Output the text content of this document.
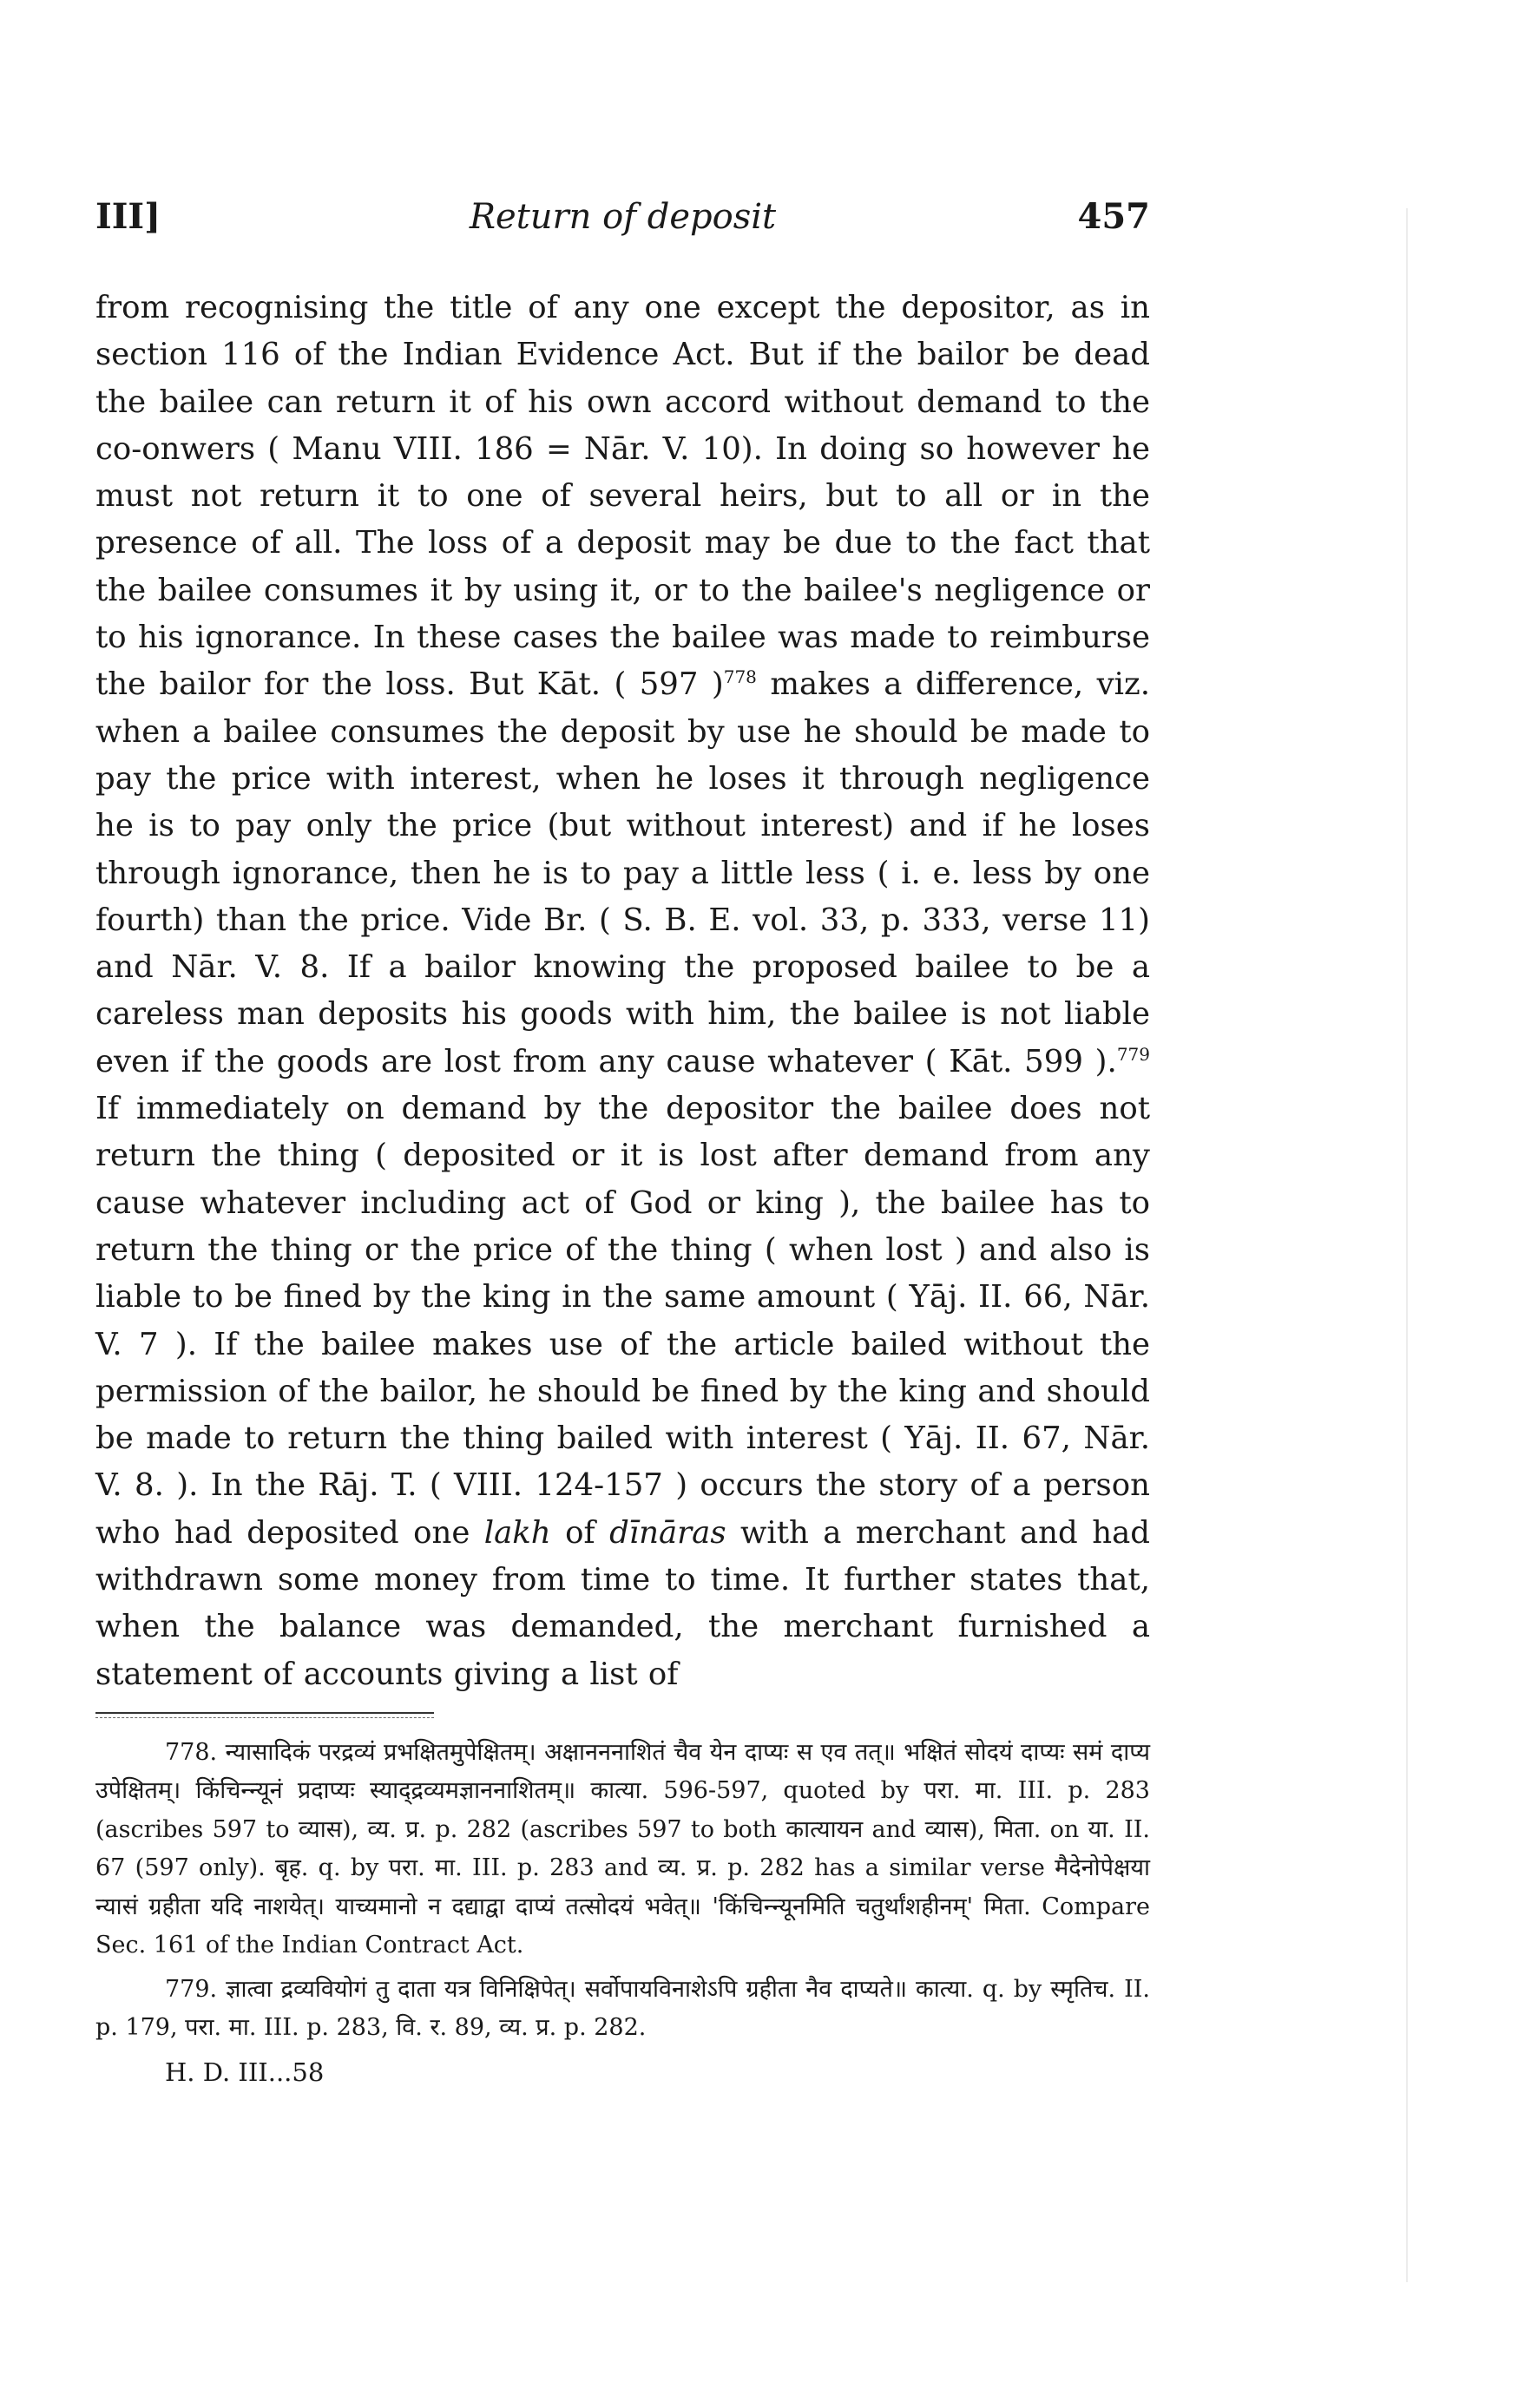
III]	Return of deposit	457
from recognising the title of any one except the depositor, as in section 116 of the Indian Evidence Act. But if the bailor be dead the bailee can return it of his own accord without demand to the co-onwers ( Manu VIII. 186 = Nār. V. 10). In doing so however he must not return it to one of several heirs, but to all or in the presence of all. The loss of a deposit may be due to the fact that the bailee consumes it by using it, or to the bailee's negligence or to his ignorance. In these cases the bailee was made to reimburse the bailor for the loss. But Kāt. ( 597 )$^{778}$ makes a difference, viz. when a bailee consumes the deposit by use he should be made to pay the price with interest, when he loses it through negligence he is to pay only the price (but without interest) and if he loses through ignorance, then he is to pay a little less ( i. e. less by one fourth) than the price. Vide Br. ( S. B. E. vol. 33, p. 333, verse 11) and Nār. V. 8. If a bailor knowing the proposed bailee to be a careless man deposits his goods with him, the bailee is not liable even if the goods are lost from any cause whatever ( Kāt. 599 ).$^{779}$ If immediately on demand by the depositor the bailee does not return the thing ( deposited or it is lost after demand from any cause whatever including act of God or king ), the bailee has to return the thing or the price of the thing ( when lost ) and also is liable to be fined by the king in the same amount ( Yāj. II. 66, Nār. V. 7 ). If the bailee makes use of the article bailed without the permission of the bailor, he should be fined by the king and should be made to return the thing bailed with interest ( Yāj. II. 67, Nār. V. 8. ). In the Rāj. T. ( VIII. 124-157 ) occurs the story of a person who had deposited one lakh of dīnāras with a merchant and had withdrawn some money from time to time. It further states that, when the balance was demanded, the merchant furnished a statement of accounts giving a list of

778. न्यासादिकं परद्रव्यं प्रभक्षितमुपेक्षितम्। अक्षानननाशितं चैव येन दाप्यः स एव तत्॥ भक्षितं सोदयं दाप्यः समं दाप्य उपेक्षितम्। किंचिन्न्यूनं प्रदाप्यः स्याद्द्रव्यमज्ञाननाशितम्॥ कात्या. 596-597, quoted by परा. मा. III. p. 283 (ascribes 597 to व्यास), व्य. प्र. p. 282 (ascribes 597 to both कात्यायन and व्यास), मिता. on या. II. 67 (597 only). बृह. q. by परा. मा. III. p. 283 and व्य. प्र. p. 282 has a similar verse मैदेनोपेक्षया न्यासं ग्रहीता यदि नाशयेत्। याच्यमानो न दद्याद्वा दाप्यं तत्सोदयं भवेत्॥ 'किंचिन्न्यूनमिति चतुर्थांशहीनम्' मिता. Compare Sec. 161 of the Indian Contract Act.

779. ज्ञात्वा द्रव्यवियोगं तु दाता यत्र विनिक्षिपेत्। सर्वोपायविनाशेऽपि ग्रहीता नैव दाप्यते॥ कात्या. q. by स्मृतिच. II. p. 179, परा. मा. III. p. 283, वि. र. 89, व्य. प्र. p. 282.

H. D. III...58
